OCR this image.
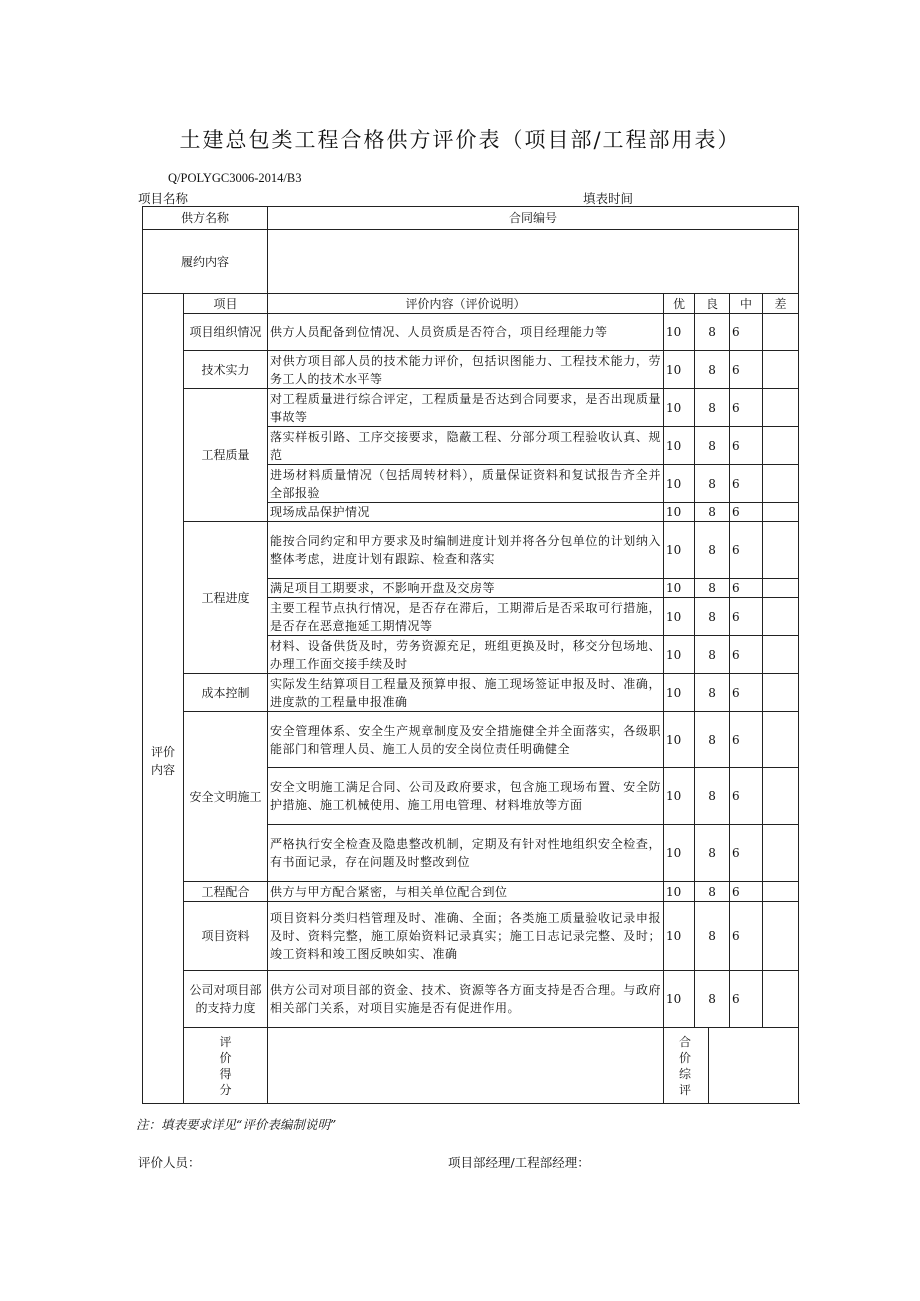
土建总包类工程合格供方评价表（项目部/工程部用表）
Q/POLYGC3006-2014/B3
项目名称	填表时间
供方名称		合同编号				
履约内容						

评价
内容	项目	评价内容（评价说明）	优	良	中	差
	项目组织情况	供方人员配备到位情况、人员资质是否符合，项目经理能力等	10	8	6	
	技术实力	对供方项目部人员的技术能力评价，包括识图能力、工程技术能力，劳务工人的技术水平等	10	8	6	
	工程质量	对工程质量进行综合评定，工程质量是否达到合同要求，是否出现质量事故等	10	8	6	
		落实样板引路、工序交接要求，隐蔽工程、分部分项工程验收认真、规范	10	8	6	
		进场材料质量情况（包括周转材料），质量保证资料和复试报告齐全并全部报验	10	8	6	
		现场成品保护情况	10	8	6	
	工程进度	能按合同约定和甲方要求及时编制进度计划并将各分包单位的计划纳入整体考虑，进度计划有跟踪、检查和落实	10	8	6	
		满足项目工期要求，不影响开盘及交房等	10	8	6	
		主要工程节点执行情况，是否存在滞后，工期滞后是否采取可行措施，是否存在恶意拖延工期情况等	10	8	6	
		材料、设备供货及时，劳务资源充足，班组更换及时，移交分包场地、办理工作面交接手续及时	10	8	6	
	成本控制	实际发生结算项目工程量及预算申报、施工现场签证申报及时、准确，进度款的工程量申报准确	10	8	6	
	安全文明施工	安全管理体系、安全生产规章制度及安全措施健全并全面落实，各级职能部门和管理人员、施工人员的安全岗位责任明确健全	10	8	6	
		安全文明施工满足合同、公司及政府要求，包含施工现场布置、安全防护措施、施工机械使用、施工用电管理、材料堆放等方面	10	8	6	
		严格执行安全检查及隐患整改机制，定期及有针对性地组织安全检查，有书面记录，存在问题及时整改到位	10	8	6	
	工程配合	供方与甲方配合紧密，与相关单位配合到位	10	8	6	
	项目资料	项目资料分类归档管理及时、准确、全面；各类施工质量验收记录申报及时、资料完整，施工原始资料记录真实；施工日志记录完整、及时；竣工资料和竣工图反映如实、准确	10	8	6	
	公司对项目部的支持力度	供方公司对项目部的资金、技术、资源等各方面支持是否合理。与政府相关部门关系，对项目实施是否有促进作用。	10	8	6	

	评价得分		合价综评			
注：填表要求详见“评价表编制说明”
评价人员：	项目部经理/工程部经理：
